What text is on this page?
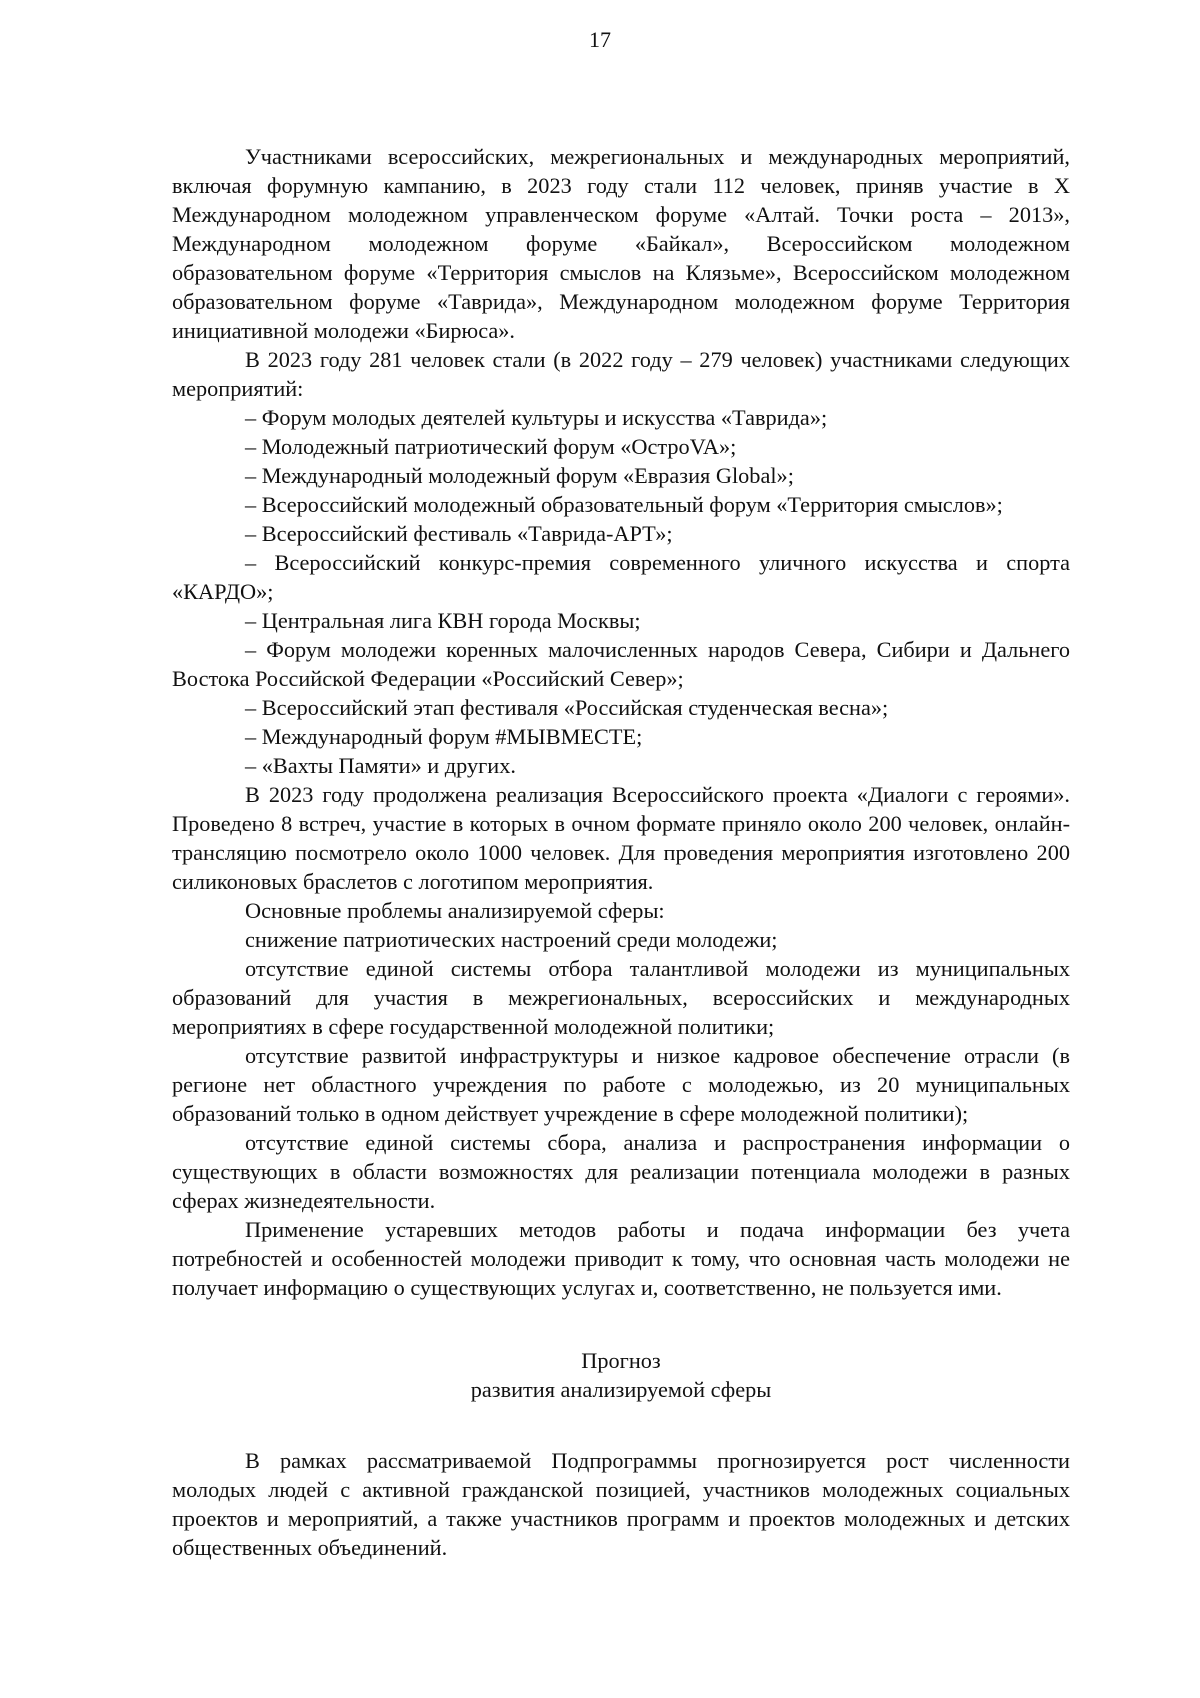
17

Участниками всероссийских, межрегиональных и международных мероприятий, включая форумную кампанию, в 2023 году стали 112 человек, приняв участие в X Международном молодежном управленческом форуме «Алтай. Точки роста – 2013», Международном молодежном форуме «Байкал», Всероссийском молодежном образовательном форуме «Территория смыслов на Клязьме», Всероссийском молодежном образовательном форуме «Таврида», Международном молодежном форуме Территория инициативной молодежи «Бирюса».

В 2023 году 281 человек стали (в 2022 году – 279 человек) участниками следующих мероприятий:

– Форум молодых деятелей культуры и искусства «Таврида»;

– Молодежный патриотический форум «ОстроVA»;

– Международный молодежный форум «Евразия Global»;

– Всероссийский молодежный образовательный форум «Территория смыслов»;

– Всероссийский фестиваль «Таврида-АРТ»;

– Всероссийский конкурс-премия современного уличного искусства и спорта «КАРДО»;

– Центральная лига КВН города Москвы;

– Форум молодежи коренных малочисленных народов Севера, Сибири и Дальнего Востока Российской Федерации «Российский Север»;

– Всероссийский этап фестиваля «Российская студенческая весна»;

– Международный форум #МЫВМЕСТЕ;

– «Вахты Памяти» и других.

В 2023 году продолжена реализация Всероссийского проекта «Диалоги с героями». Проведено 8 встреч, участие в которых в очном формате приняло около 200 человек, онлайн-трансляцию посмотрело около 1000 человек. Для проведения мероприятия изготовлено 200 силиконовых браслетов с логотипом мероприятия.

Основные проблемы анализируемой сферы:

снижение патриотических настроений среди молодежи;

отсутствие единой системы отбора талантливой молодежи из муниципальных образований для участия в межрегиональных, всероссийских и международных мероприятиях в сфере государственной молодежной политики;

отсутствие развитой инфраструктуры и низкое кадровое обеспечение отрасли (в регионе нет областного учреждения по работе с молодежью, из 20 муниципальных образований только в одном действует учреждение в сфере молодежной политики);

отсутствие единой системы сбора, анализа и распространения информации о существующих в области возможностях для реализации потенциала молодежи в разных сферах жизнедеятельности.

Применение устаревших методов работы и подача информации без учета потребностей и особенностей молодежи приводит к тому, что основная часть молодежи не получает информацию о существующих услугах и, соответственно, не пользуется ими.

Прогноз
развития анализируемой сферы

В рамках рассматриваемой Подпрограммы прогнозируется рост численности молодых людей с активной гражданской позицией, участников молодежных социальных проектов и мероприятий, а также участников программ и проектов молодежных и детских общественных объединений.
